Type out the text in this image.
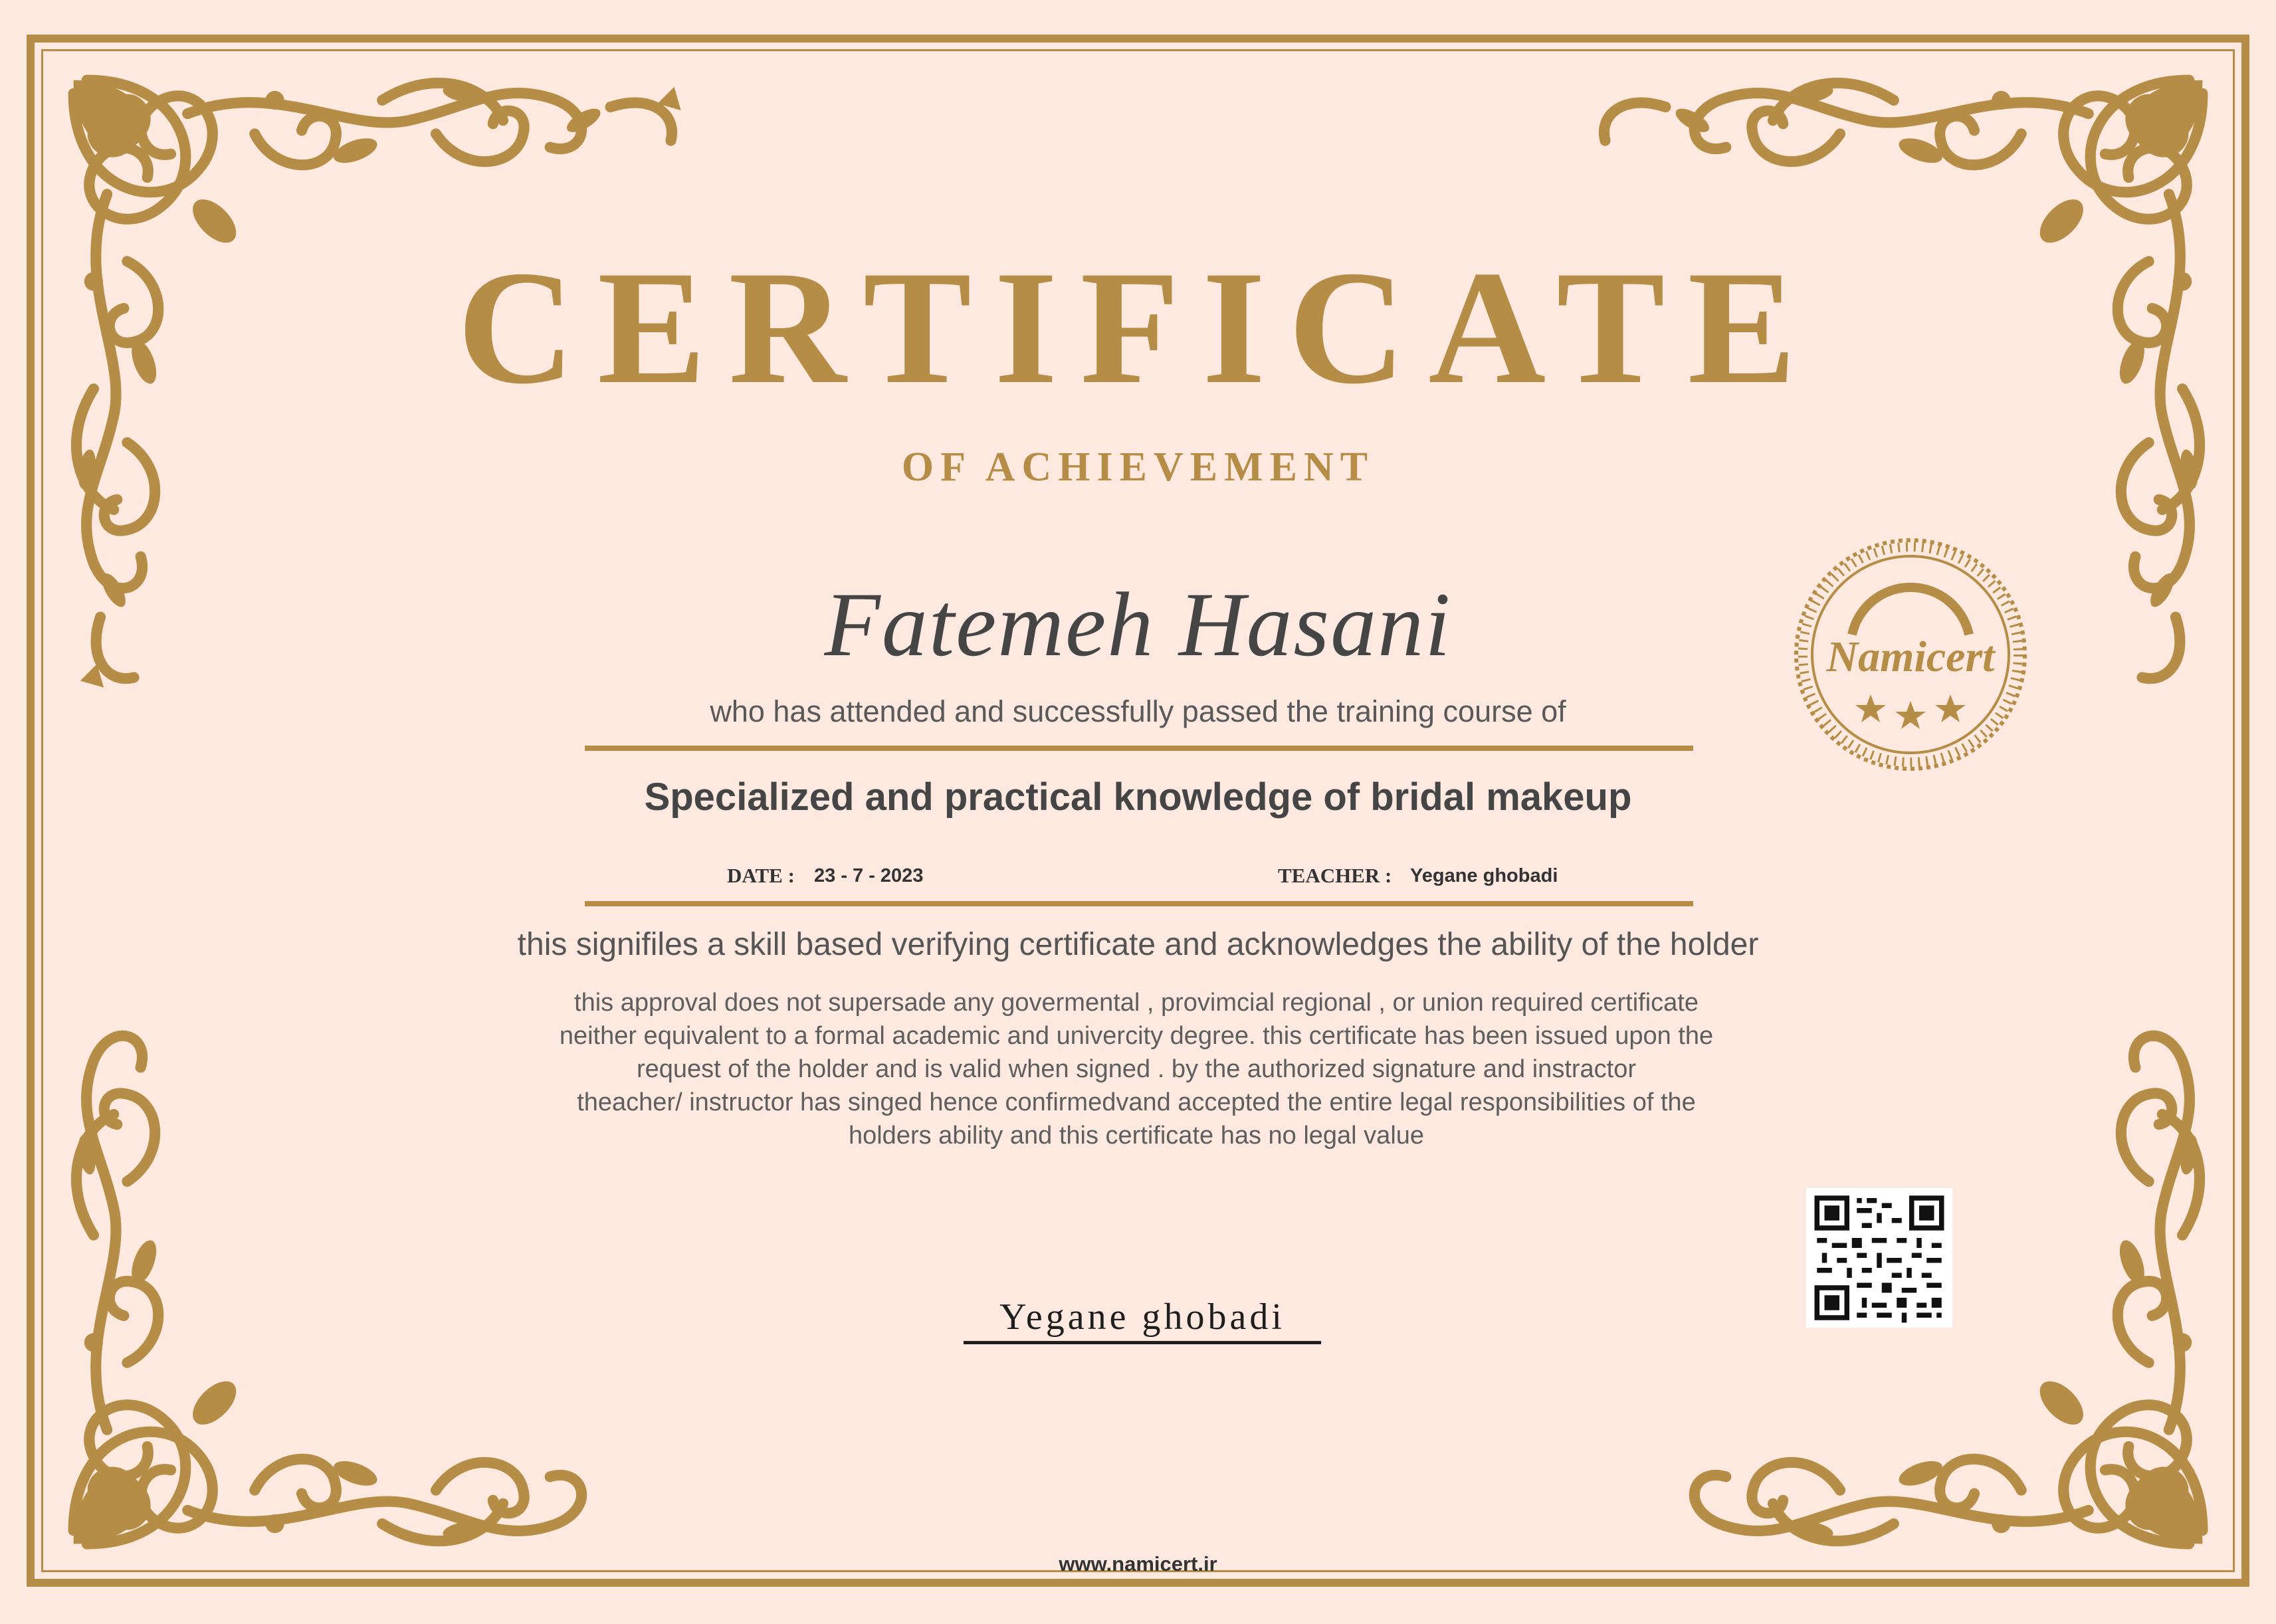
CERTIFICATE
OF ACHIEVEMENT
Fatemeh Hasani
who has attended and successfully passed the training course of
Specialized and practical knowledge of bridal makeup
DATE : 23 - 7 - 2023	TEACHER : Yegane ghobadi
this signifiles a skill based verifying certificate and acknowledges the ability of the holder
this approval does not supersade any govermental , provimcial regional , or union required certificate
neither equivalent to a formal academic and univercity degree. this certificate has been issued upon the
request of the holder and is valid when signed . by the authorized signature and instractor
theacher/ instructor has singed hence confirmedvand accepted the entire legal responsibilities of the
holders ability and this certificate has no legal value
Yegane ghobadi
www.namicert.ir
Namicert
